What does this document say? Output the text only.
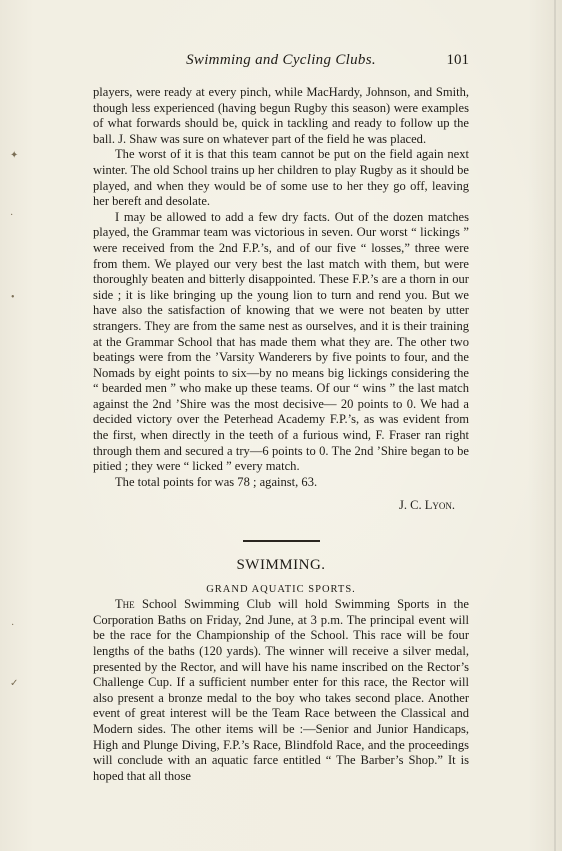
✦
·
•
·
✓
Swimming and Cycling Clubs.	101

players, were ready at every pinch, while MacHardy, Johnson, and Smith, though less experienced (having begun Rugby this season) were examples of what forwards should be, quick in tackling and ready to follow up the ball. J. Shaw was sure on whatever part of the field he was placed.

The worst of it is that this team cannot be put on the field again next winter. The old School trains up her children to play Rugby as it should be played, and when they would be of some use to her they go off, leaving her bereft and desolate.

I may be allowed to add a few dry facts. Out of the dozen matches played, the Grammar team was victorious in seven. Our worst “ lickings ” were received from the 2nd F.P.’s, and of our five “ losses,” three were from them. We played our very best the last match with them, but were thoroughly beaten and bitterly disappointed. These F.P.’s are a thorn in our side ; it is like bringing up the young lion to turn and rend you. But we have also the satisfaction of knowing that we were not beaten by utter strangers. They are from the same nest as ourselves, and it is their training at the Grammar School that has made them what they are. The other two beatings were from the ’Varsity Wanderers by five points to four, and the Nomads by eight points to six—by no means big lickings considering the “ bearded men ” who make up these teams. Of our “ wins ” the last match against the 2nd ’Shire was the most decisive— 20 points to 0. We had a decided victory over the Peterhead Academy F.P.’s, as was evident from the first, when directly in the teeth of a furious wind, F. Fraser ran right through them and secured a try—6 points to 0. The 2nd ’Shire began to be pitied ; they were “ licked ” every match.

The total points for was 78 ; against, 63.

J. C. Lyon.
SWIMMING.
GRAND AQUATIC SPORTS.

The School Swimming Club will hold Swimming Sports in the Corporation Baths on Friday, 2nd June, at 3 p.m. The principal event will be the race for the Championship of the School. This race will be four lengths of the baths (120 yards). The winner will receive a silver medal, presented by the Rector, and will have his name inscribed on the Rector’s Challenge Cup. If a sufficient number enter for this race, the Rector will also present a bronze medal to the boy who takes second place. Another event of great interest will be the Team Race between the Classical and Modern sides. The other items will be :—Senior and Junior Handicaps, High and Plunge Diving, F.P.’s Race, Blindfold Race, and the proceedings will conclude with an aquatic farce entitled “ The Barber’s Shop.” It is hoped that all those
